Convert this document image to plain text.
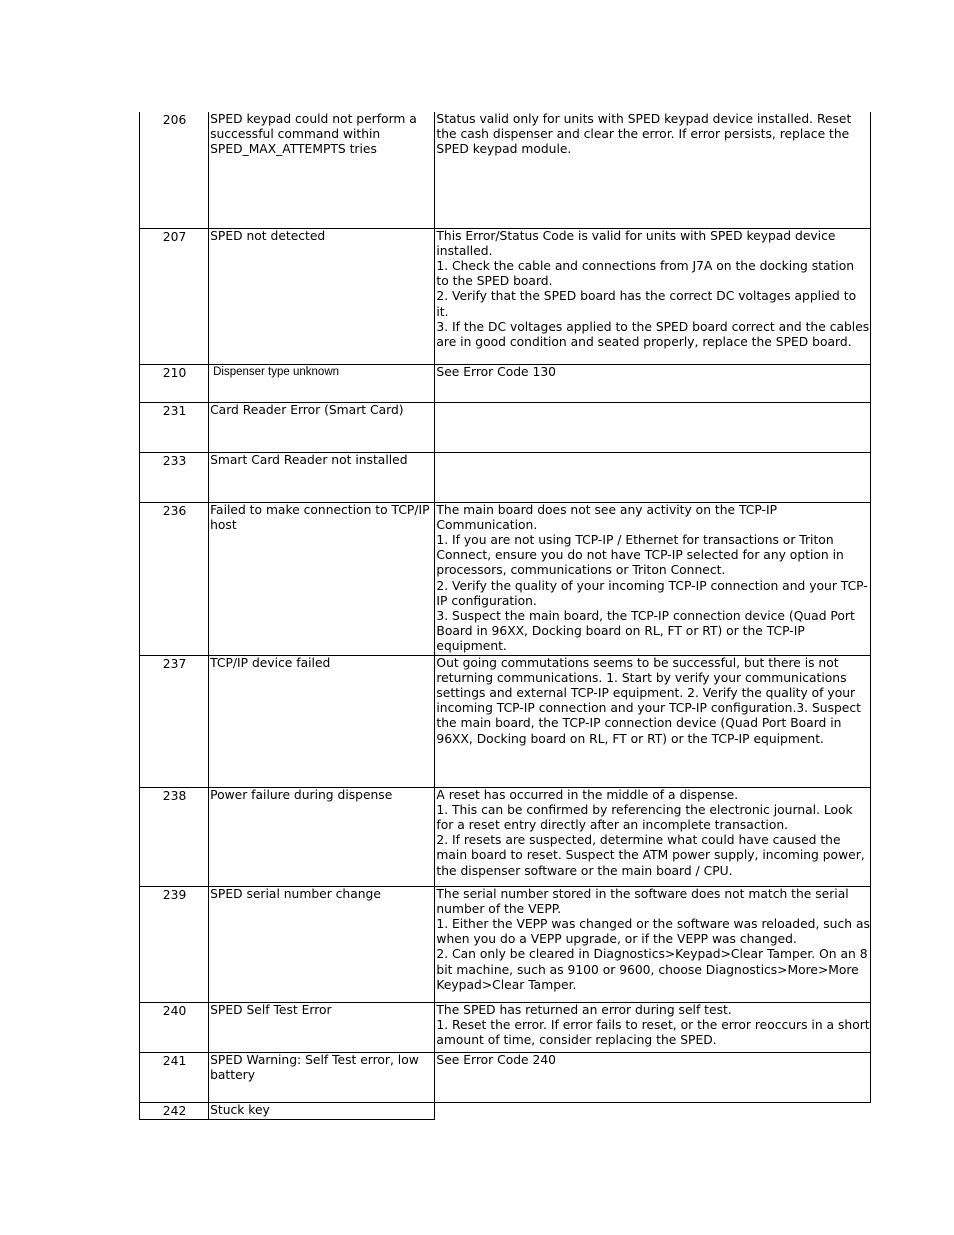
206	SPED keypad could not perform a successful command within SPED_MAX_ATTEMPTS tries	Status valid only for units with SPED keypad device installed. Reset the cash dispenser and clear the error. If error persists, replace the SPED keypad module.
207	SPED not detected	This Error/Status Code is valid for units with SPED keypad device installed.
1. Check the cable and connections from J7A on the docking station to the SPED board.
2. Verify that the SPED board has the correct DC voltages applied to it.
3. If the DC voltages applied to the SPED board correct and the cables are in good condition and seated properly, replace the SPED board.
210	Dispenser type unknown	See Error Code 130
231	Card Reader Error (Smart Card)	
233	Smart Card Reader not installed	
236	Failed to make connection to TCP/IP host	The main board does not see any activity on the TCP-IP Communication.
1. If you are not using TCP-IP / Ethernet for transactions or Triton Connect, ensure you do not have TCP-IP selected for any option in processors, communications or Triton Connect.
2. Verify the quality of your incoming TCP-IP connection and your TCP-IP configuration.
3. Suspect the main board, the TCP-IP connection device (Quad Port Board in 96XX, Docking board on RL, FT or RT) or the TCP-IP equipment.
237	TCP/IP device failed	Out going commutations seems to be successful, but there is not returning communications. 1. Start by verify your communications settings and external TCP-IP equipment. 2. Verify the quality of your incoming TCP-IP connection and your TCP-IP configuration.3. Suspect the main board, the TCP-IP connection device (Quad Port Board in 96XX, Docking board on RL, FT or RT) or the TCP-IP equipment.
238	Power failure during dispense	A reset has occurred in the middle of a dispense.
1. This can be confirmed by referencing the electronic journal. Look for a reset entry directly after an incomplete transaction.
2. If resets are suspected, determine what could have caused the main board to reset. Suspect the ATM power supply, incoming power, the dispenser software or the main board / CPU.
239	SPED serial number change	The serial number stored in the software does not match the serial number of the VEPP.
1. Either the VEPP was changed or the software was reloaded, such as when you do a VEPP upgrade, or if the VEPP was changed.
2. Can only be cleared in Diagnostics>Keypad>Clear Tamper. On an 8 bit machine, such as 9100 or 9600, choose Diagnostics>More>More Keypad>Clear Tamper.
240	SPED Self Test Error	The SPED has returned an error during self test.
1. Reset the error. If error fails to reset, or the error reoccurs in a short amount of time, consider replacing the SPED.
241	SPED Warning: Self Test error, low battery	See Error Code 240
242	Stuck key	
